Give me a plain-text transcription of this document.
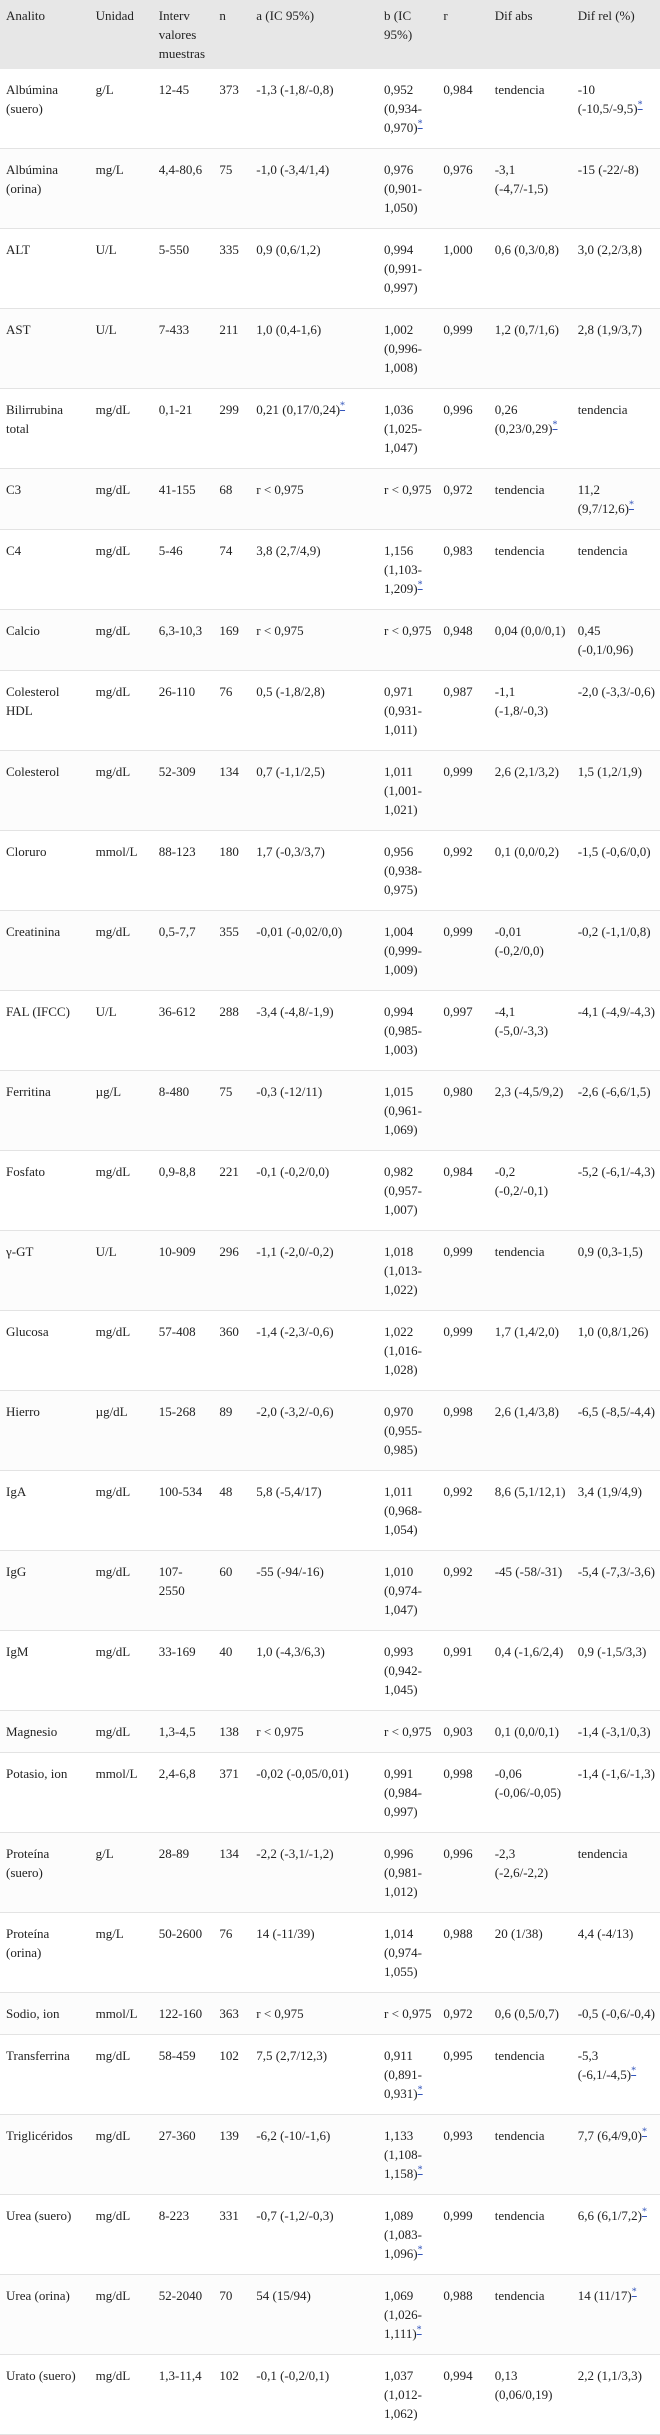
Analito	Unidad	Interv valores muestras	n	a (IC 95%)	b (IC 95%)	r	Dif abs	Dif rel (%)
Albúmina (suero)	g/L	12-45	373	-1,3 (-1,8/-0,8)	0,952 (0,934-0,970)*	0,984	tendencia	-10 (-10,5/-9,5)*
Albúmina (orina)	mg/L	4,4-80,6	75	-1,0 (-3,4/1,4)	0,976 (0,901-1,050)	0,976	-3,1 (-4,7/-1,5)	-15 (-22/-8)
ALT	U/L	5-550	335	0,9 (0,6/1,2)	0,994 (0,991-0,997)	1,000	0,6 (0,3/0,8)	3,0 (2,2/3,8)
AST	U/L	7-433	211	1,0 (0,4-1,6)	1,002 (0,996-1,008)	0,999	1,2 (0,7/1,6)	2,8 (1,9/3,7)
Bilirrubina total	mg/dL	0,1-21	299	0,21 (0,17/0,24)*	1,036 (1,025-1,047)	0,996	0,26 (0,23/0,29)*	tendencia
C3	mg/dL	41-155	68	r < 0,975	r < 0,975	0,972	tendencia	11,2 (9,7/12,6)*
C4	mg/dL	5-46	74	3,8 (2,7/4,9)	1,156 (1,103-1,209)*	0,983	tendencia	tendencia
Calcio	mg/dL	6,3-10,3	169	r < 0,975	r < 0,975	0,948	0,04 (0,0/0,1)	0,45 (-0,1/0,96)
Colesterol HDL	mg/dL	26-110	76	0,5 (-1,8/2,8)	0,971 (0,931-1,011)	0,987	-1,1 (-1,8/-0,3)	-2,0 (-3,3/-0,6)
Colesterol	mg/dL	52-309	134	0,7 (-1,1/2,5)	1,011 (1,001-1,021)	0,999	2,6 (2,1/3,2)	1,5 (1,2/1,9)
Cloruro	mmol/L	88-123	180	1,7 (-0,3/3,7)	0,956 (0,938-0,975)	0,992	0,1 (0,0/0,2)	-1,5 (-0,6/0,0)
Creatinina	mg/dL	0,5-7,7	355	-0,01 (-0,02/0,0)	1,004 (0,999-1,009)	0,999	-0,01 (-0,2/0,0)	-0,2 (-1,1/0,8)
FAL (IFCC)	U/L	36-612	288	-3,4 (-4,8/-1,9)	0,994 (0,985-1,003)	0,997	-4,1 (-5,0/-3,3)	-4,1 (-4,9/-4,3)
Ferritina	µg/L	8-480	75	-0,3 (-12/11)	1,015 (0,961-1,069)	0,980	2,3 (-4,5/9,2)	-2,6 (-6,6/1,5)
Fosfato	mg/dL	0,9-8,8	221	-0,1 (-0,2/0,0)	0,982 (0,957-1,007)	0,984	-0,2 (-0,2/-0,1)	-5,2 (-6,1/-4,3)
γ-GT	U/L	10-909	296	-1,1 (-2,0/-0,2)	1,018 (1,013-1,022)	0,999	tendencia	0,9 (0,3-1,5)
Glucosa	mg/dL	57-408	360	-1,4 (-2,3/-0,6)	1,022 (1,016-1,028)	0,999	1,7 (1,4/2,0)	1,0 (0,8/1,26)
Hierro	µg/dL	15-268	89	-2,0 (-3,2/-0,6)	0,970 (0,955-0,985)	0,998	2,6 (1,4/3,8)	-6,5 (-8,5/-4,4)
IgA	mg/dL	100-534	48	5,8 (-5,4/17)	1,011 (0,968-1,054)	0,992	8,6 (5,1/12,1)	3,4 (1,9/4,9)
IgG	mg/dL	107-2550	60	-55 (-94/-16)	1,010 (0,974-1,047)	0,992	-45 (-58/-31)	-5,4 (-7,3/-3,6)
IgM	mg/dL	33-169	40	1,0 (-4,3/6,3)	0,993 (0,942-1,045)	0,991	0,4 (-1,6/2,4)	0,9 (-1,5/3,3)
Magnesio	mg/dL	1,3-4,5	138	r < 0,975	r < 0,975	0,903	0,1 (0,0/0,1)	-1,4 (-3,1/0,3)
Potasio, ion	mmol/L	2,4-6,8	371	-0,02 (-0,05/0,01)	0,991 (0,984-0,997)	0,998	-0,06 (-0,06/-0,05)	-1,4 (-1,6/-1,3)
Proteína (suero)	g/L	28-89	134	-2,2 (-3,1/-1,2)	0,996 (0,981-1,012)	0,996	-2,3 (-2,6/-2,2)	tendencia
Proteína (orina)	mg/L	50-2600	76	14 (-11/39)	1,014 (0,974-1,055)	0,988	20 (1/38)	4,4 (-4/13)
Sodio, ion	mmol/L	122-160	363	r < 0,975	r < 0,975	0,972	0,6 (0,5/0,7)	-0,5 (-0,6/-0,4)
Transferrina	mg/dL	58-459	102	7,5 (2,7/12,3)	0,911 (0,891-0,931)*	0,995	tendencia	-5,3 (-6,1/-4,5)*
Triglicéridos	mg/dL	27-360	139	-6,2 (-10/-1,6)	1,133 (1,108-1,158)*	0,993	tendencia	7,7 (6,4/9,0)*
Urea (suero)	mg/dL	8-223	331	-0,7 (-1,2/-0,3)	1,089 (1,083-1,096)*	0,999	tendencia	6,6 (6,1/7,2)*
Urea (orina)	mg/dL	52-2040	70	54 (15/94)	1,069 (1,026-1,111)*	0,988	tendencia	14 (11/17)*
Urato (suero)	mg/dL	1,3-11,4	102	-0,1 (-0,2/0,1)	1,037 (1,012-1,062)	0,994	0,13 (0,06/0,19)	2,2 (1,1/3,3)
